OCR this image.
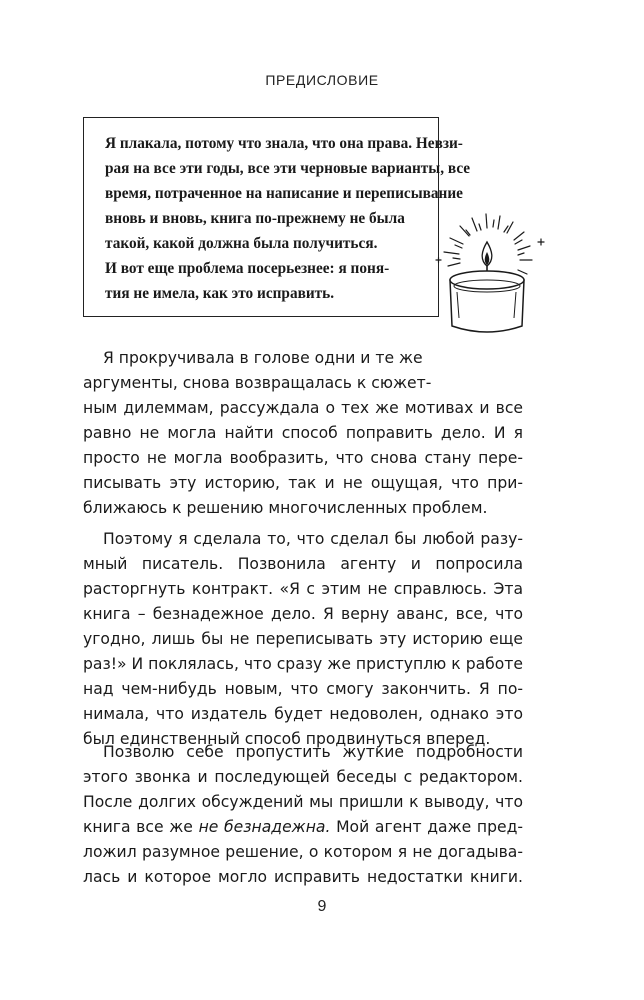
ПРЕДИСЛОВИЕ
Я плакала, потому что знала, что она права. Невзи-
рая на все эти годы, все эти черновые варианты, все
время, потраченное на написание и переписывание
вновь и вновь, книга по-прежнему не была
такой, какой должна была получиться.
И вот еще проблема посерьезнее: я поня-
тия не имела, как это исправить.
Я прокручивала в голове одни и те же
аргументы, снова возвращалась к сюжет-
ным дилеммам, рассуждала о тех же мотивах и все
равно не могла найти способ поправить дело. И я
просто не могла вообразить, что снова стану пере-
писывать эту историю, так и не ощущая, что при-
ближаюсь к решению многочисленных проблем.
Поэтому я сделала то, что сделал бы любой разу-
мный писатель. Позвонила агенту и попросила
расторгнуть контракт. «Я с этим не справлюсь. Эта
книга – безнадежное дело. Я верну аванс, все, что
угодно, лишь бы не переписывать эту историю еще
раз!» И поклялась, что сразу же приступлю к работе
над чем-нибудь новым, что смогу закончить. Я по-
нимала, что издатель будет недоволен, однако это
был единственный способ продвинуться вперед.
Позволю себе пропустить жуткие подробности
этого звонка и последующей беседы с редактором.
После долгих обсуждений мы пришли к выводу, что
книга все же не безнадежна. Мой агент даже пред-
ложил разумное решение, о котором я не догадыва-
9
лась и которое могло исправить недостатки книги.
